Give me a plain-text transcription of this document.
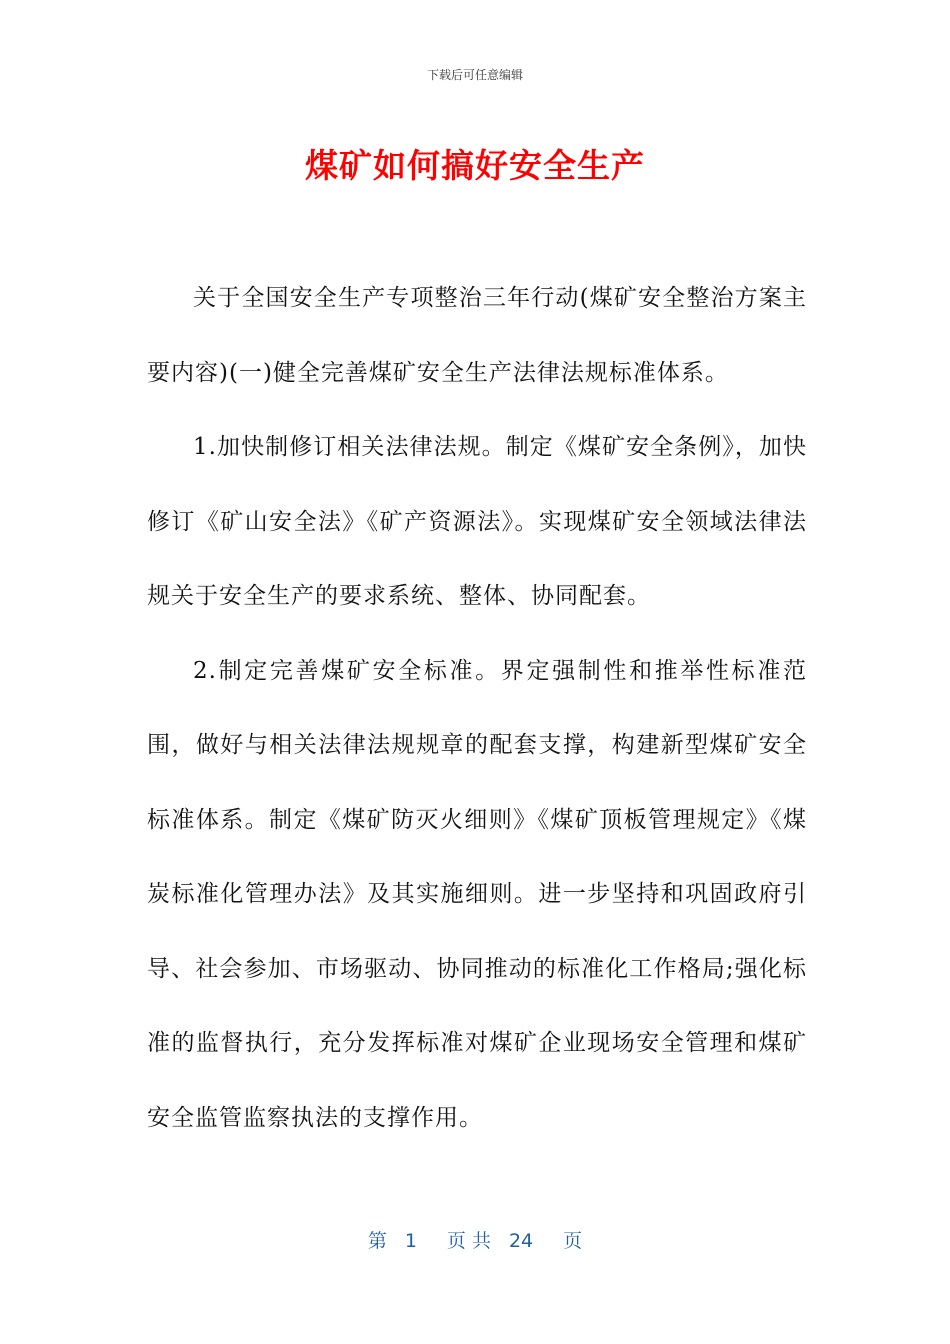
下载后可任意编辑
煤矿如何搞好安全生产

关于全国安全生产专项整治三年行动(煤矿安全整治方案主要内容)(一)健全完善煤矿安全生产法律法规标准体系。

1.加快制修订相关法律法规。制定《煤矿安全条例》，加快修订《矿山安全法》《矿产资源法》。实现煤矿安全领域法律法规关于安全生产的要求系统、整体、协同配套。

2.制定完善煤矿安全标准。界定强制性和推举性标准范围，做好与相关法律法规规章的配套支撑，构建新型煤矿安全标准体系。制定《煤矿防灭火细则》《煤矿顶板管理规定》《煤炭标准化管理办法》及其实施细则。进一步坚持和巩固政府引导、社会参加、市场驱动、协同推动的标准化工作格局;强化标准的监督执行，充分发挥标准对煤矿企业现场安全管理和煤矿安全监管监察执法的支撑作用。

第 1 页 共 24 页
